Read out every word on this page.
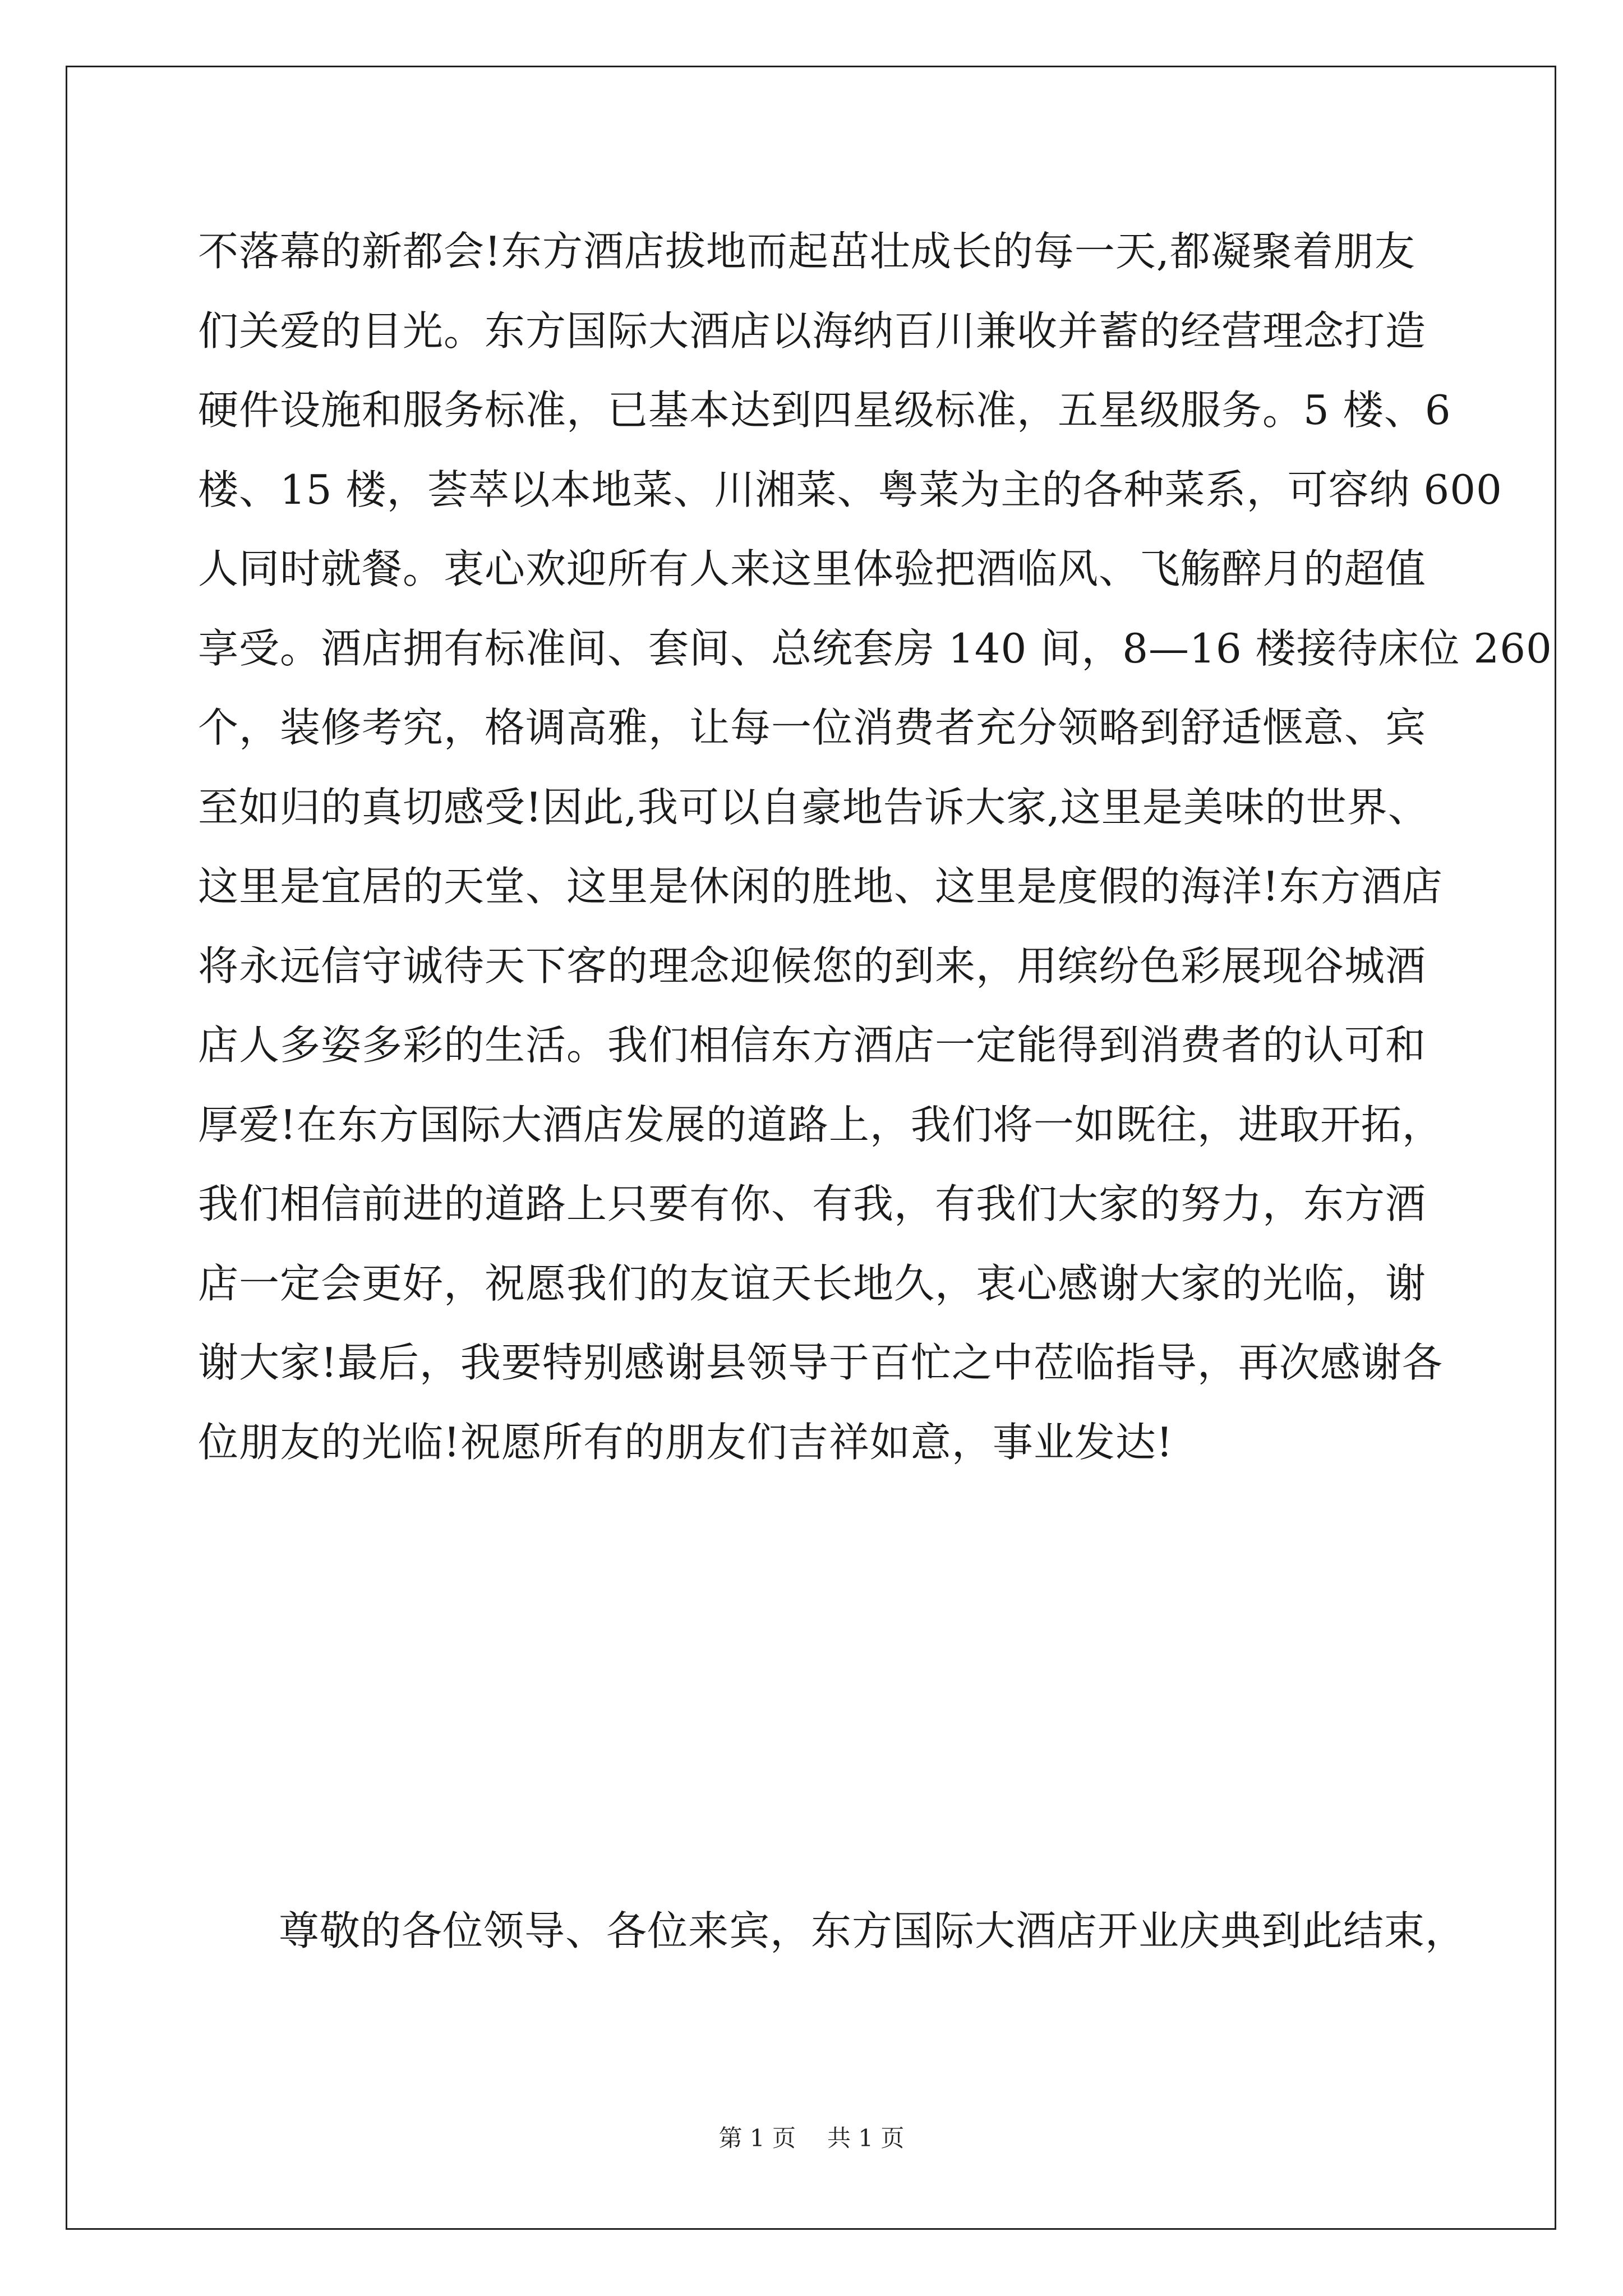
不落幕的新都会!东方酒店拔地而起茁壮成长的每一天,都凝聚着朋友
们关爱的目光。东方国际大酒店以海纳百川兼收并蓄的经营理念打造
硬件设施和服务标准，已基本达到四星级标准，五星级服务。5 楼、6
楼、15 楼，荟萃以本地菜、川湘菜、粤菜为主的各种菜系，可容纳 600
人同时就餐。衷心欢迎所有人来这里体验把酒临风、飞觞醉月的超值
享受。酒店拥有标准间、套间、总统套房 140 间，8—16 楼接待床位 260
个，装修考究，格调高雅，让每一位消费者充分领略到舒适惬意、宾
至如归的真切感受!因此,我可以自豪地告诉大家,这里是美味的世界、
这里是宜居的天堂、这里是休闲的胜地、这里是度假的海洋!东方酒店
将永远信守诚待天下客的理念迎候您的到来，用缤纷色彩展现谷城酒
店人多姿多彩的生活。我们相信东方酒店一定能得到消费者的认可和
厚爱!在东方国际大酒店发展的道路上，我们将一如既往，进取开拓，
我们相信前进的道路上只要有你、有我，有我们大家的努力，东方酒
店一定会更好，祝愿我们的友谊天长地久，衷心感谢大家的光临，谢
谢大家!最后，我要特别感谢县领导于百忙之中莅临指导，再次感谢各
位朋友的光临!祝愿所有的朋友们吉祥如意，事业发达!
尊敬的各位领导、各位来宾，东方国际大酒店开业庆典到此结束，
第 1 页 共 1 页
